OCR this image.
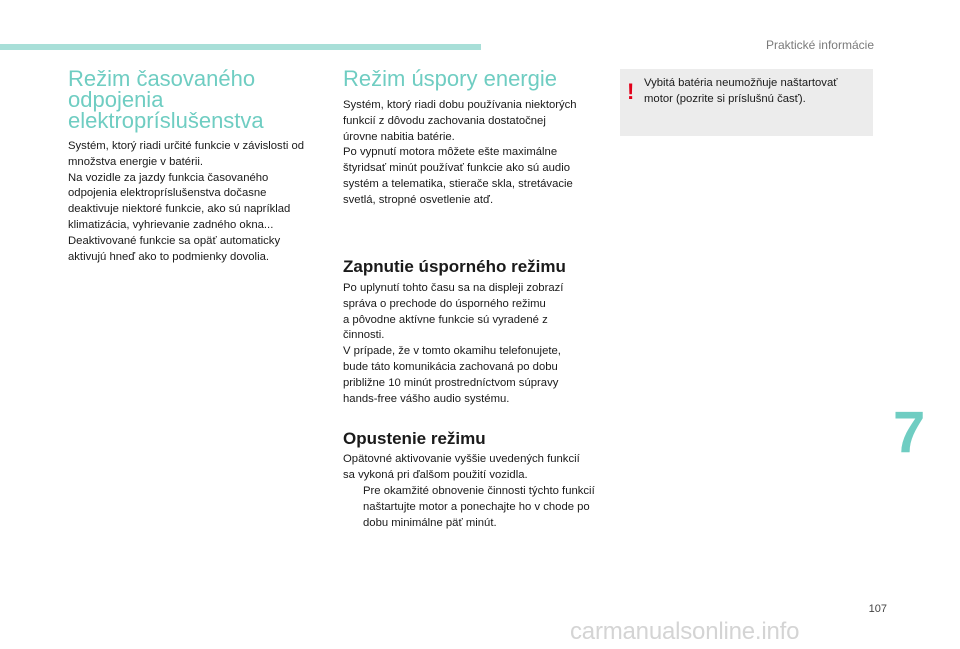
Praktické informácie
Režim časovaného
odpojenia
elektropríslušenstva

Systém, ktorý riadi určité funkcie v závislosti od
množstva energie v batérii.
Na vozidle za jazdy funkcia časovaného
odpojenia elektropríslušenstva dočasne
deaktivuje niektoré funkcie, ako sú napríklad
klimatizácia, vyhrievanie zadného okna...
Deaktivované funkcie sa opäť automaticky
aktivujú hneď ako to podmienky dovolia.

Režim úspory energie

Systém, ktorý riadi dobu používania niektorých
funkcií z dôvodu zachovania dostatočnej
úrovne nabitia batérie.
Po vypnutí motora môžete ešte maximálne
štyridsať minút používať funkcie ako sú audio
systém a telematika, stierače skla, stretávacie
svetlá, stropné osvetlenie atď.

Zapnutie úsporného režimu

Po uplynutí tohto času sa na displeji zobrazí
správa o prechode do úsporného režimu
a pôvodne aktívne funkcie sú vyradené z
činnosti.
V prípade, že v tomto okamihu telefonujete,
bude táto komunikácia zachovaná po dobu
približne 10 minút prostredníctvom súpravy
hands-free vášho audio systému.

Opustenie režimu

Opätovné aktivovanie vyššie uvedených funkcií
sa vykoná pri ďalšom použití vozidla.

Pre okamžité obnovenie činnosti týchto funkcií naštartujte motor a ponechajte ho v chode po dobu minimálne päť minút.
! Vybitá batéria neumožňuje naštartovať
motor (pozrite si príslušnú časť).

7
107
carmanualsonline.info
